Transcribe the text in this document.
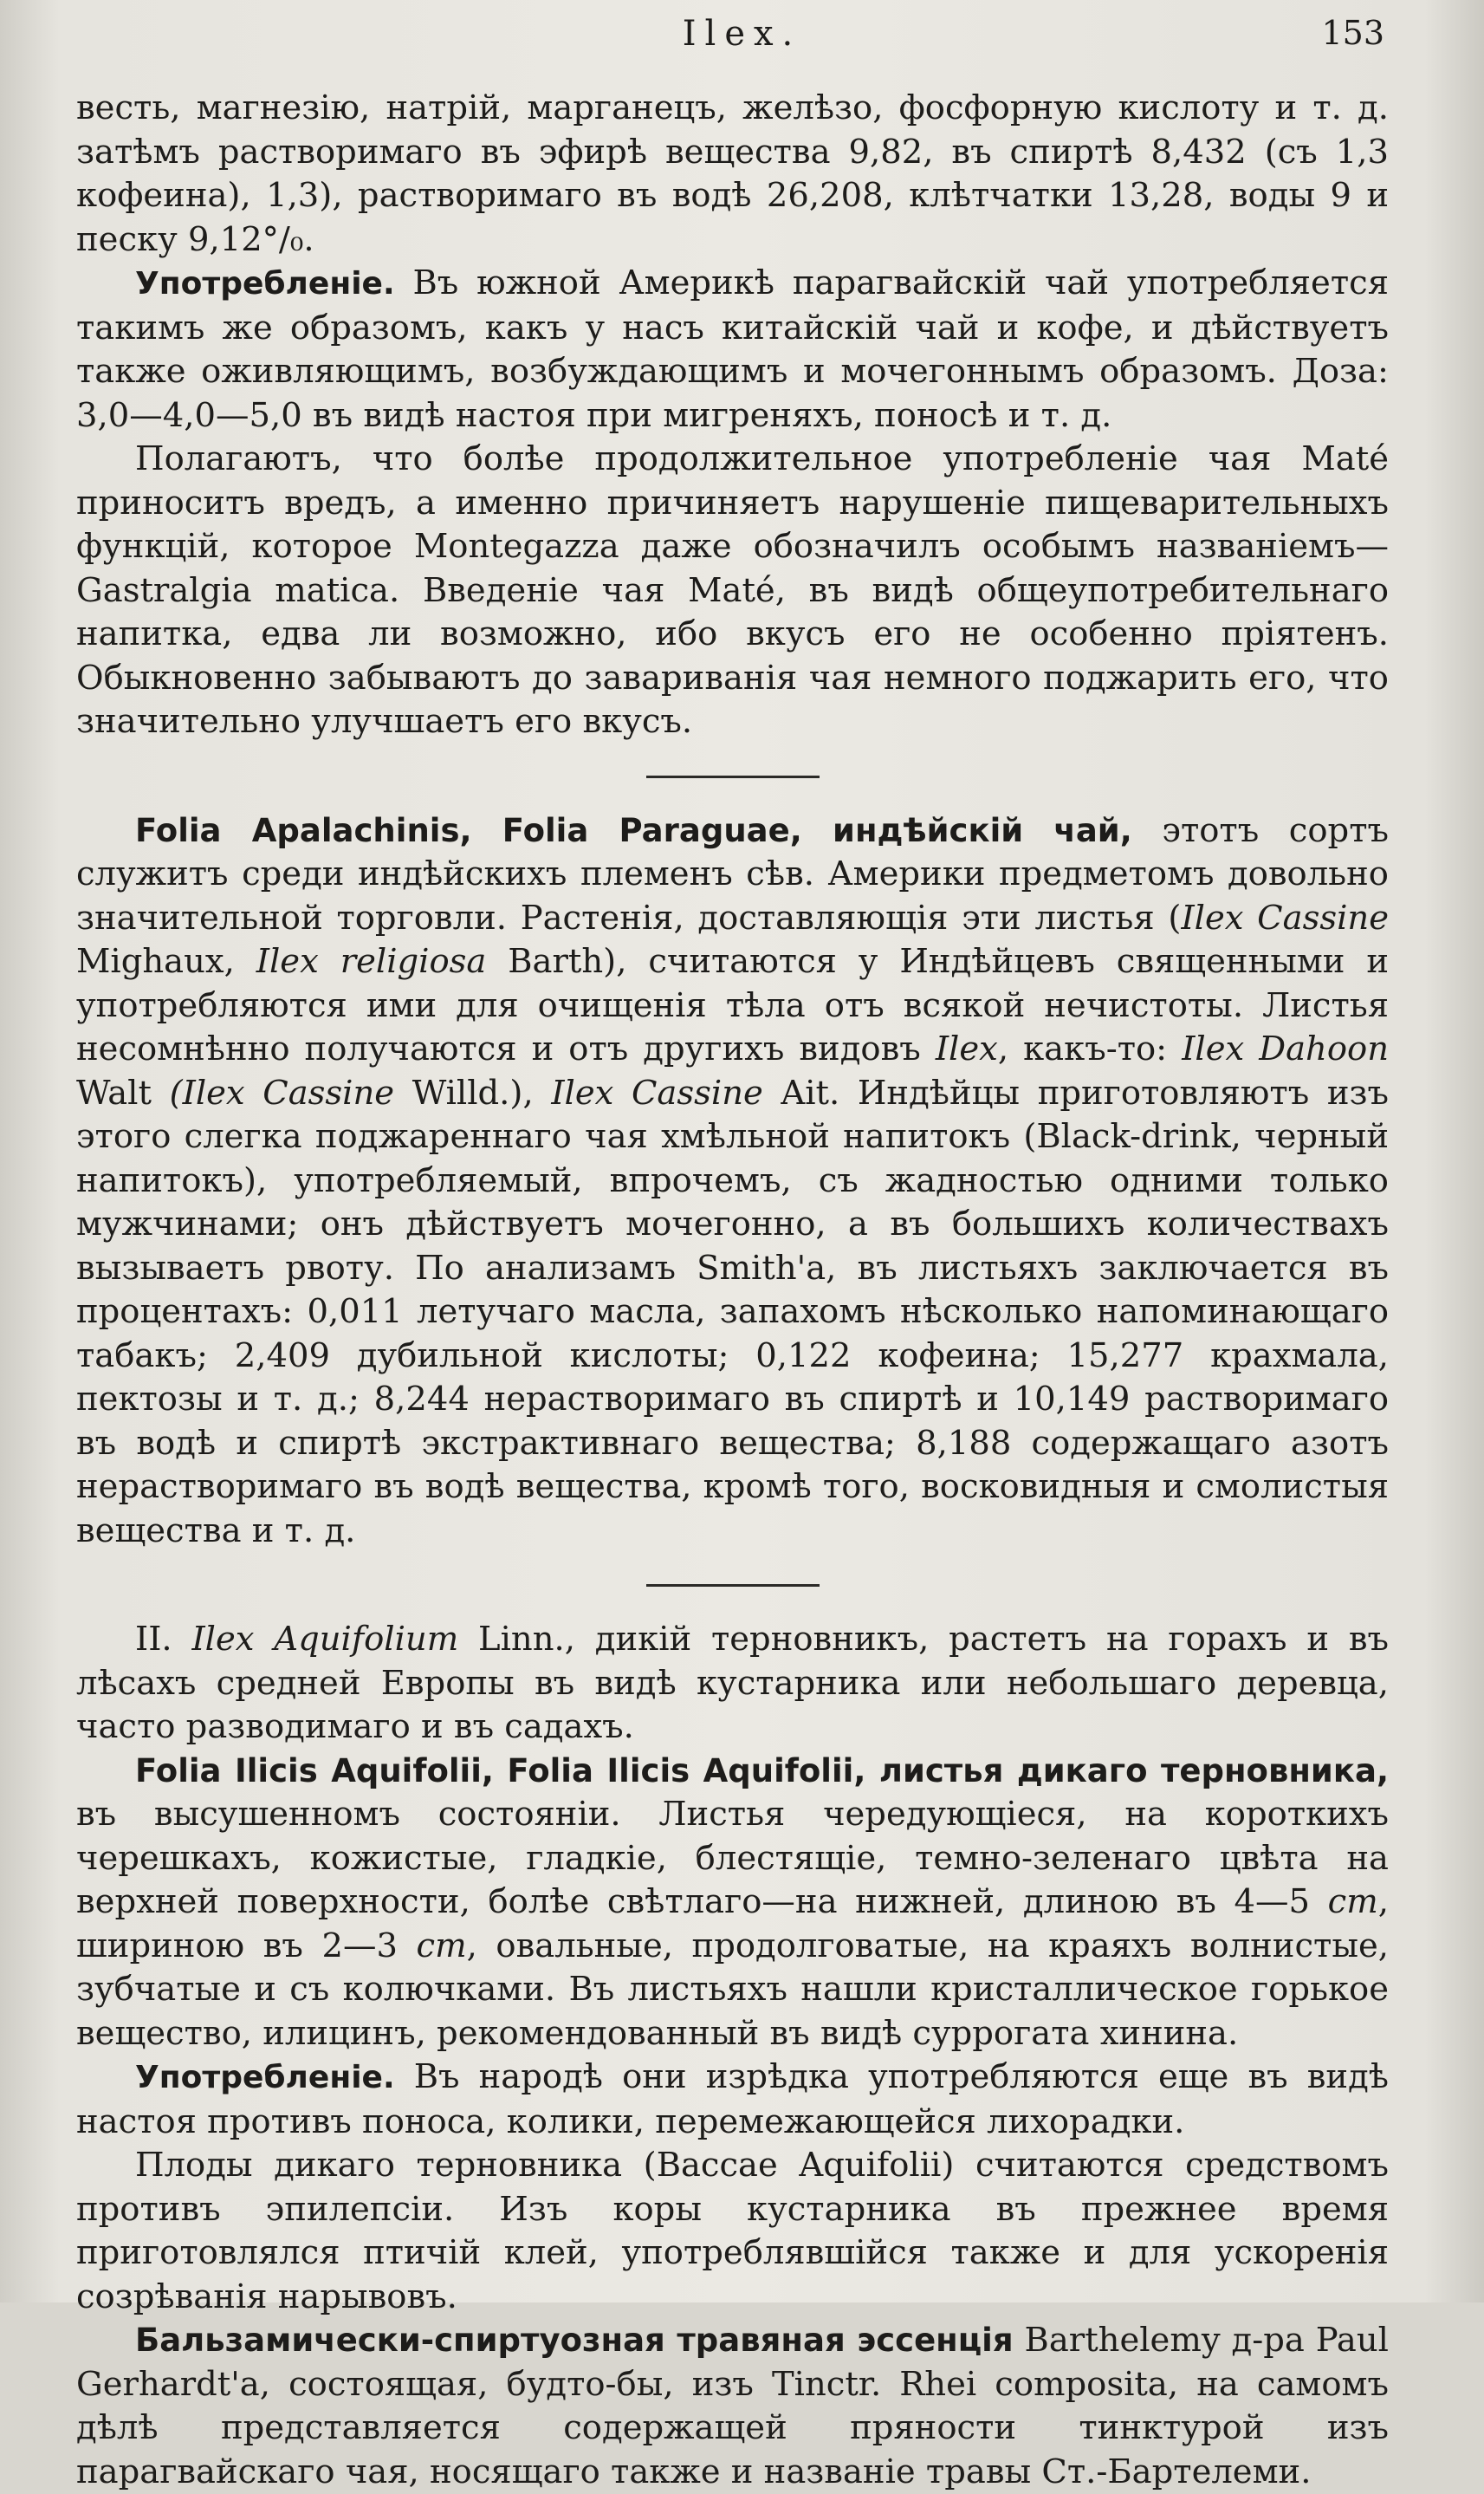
Ilex.	153

весть, магнезію, натрій, марганецъ, желѣзо, фосфорную кислоту и т. д. затѣмъ растворимаго въ эфирѣ вещества 9,82, въ спиртѣ 8,432 (съ 1,3 кофеина), 1,3), растворимаго въ водѣ 26,208, клѣтчатки 13,28, воды 9 и песку 9,12°/₀.

Употребленіе. Въ южной Америкѣ парагвайскій чай употребляется такимъ же образомъ, какъ у насъ китайскій чай и кофе, и дѣйствуетъ также оживляющимъ, возбуждающимъ и мочегоннымъ образомъ. Доза: 3,0—4,0—5,0 въ видѣ настоя при мигреняхъ, поносѣ и т. д.

Полагаютъ, что болѣе продолжительное употребленіе чая Maté приноситъ вредъ, а именно причиняетъ нарушеніе пищеварительныхъ функцій, которое Montegazza даже обозначилъ особымъ названіемъ—Gastralgia matica. Введеніе чая Maté, въ видѣ общеупотребительнаго напитка, едва ли возможно, ибо вкусъ его не особенно пріятенъ. Обыкновенно забываютъ до завариванія чая немного поджарить его, что значительно улучшаетъ его вкусъ.

Folia Apalachinis, Folia Paraguae, индѣйскій чай, этотъ сортъ служитъ среди индѣйскихъ племенъ сѣв. Америки предметомъ довольно значительной торговли. Растенія, доставляющія эти листья (Ilex Cassine Mighaux, Ilex religiosa Barth), считаются у Индѣйцевъ священными и употребляются ими для очищенія тѣла отъ всякой нечистоты. Листья несомнѣнно получаются и отъ другихъ видовъ Ilex, какъ-то: Ilex Dahoon Walt (Ilex Cassine Willd.), Ilex Cassine Ait. Индѣйцы приготовляютъ изъ этого слегка поджареннаго чая хмѣльной напитокъ (Black-drink, черный напитокъ), употребляемый, впрочемъ, съ жадностью одними только мужчинами; онъ дѣйствуетъ мочегонно, а въ большихъ количествахъ вызываетъ рвоту. По анализамъ Smith'а, въ листьяхъ заключается въ процентахъ: 0,011 летучаго масла, запахомъ нѣсколько напоминающаго табакъ; 2,409 дубильной кислоты; 0,122 кофеина; 15,277 крахмала, пектозы и т. д.; 8,244 нерастворимаго въ спиртѣ и 10,149 растворимаго въ водѣ и спиртѣ экстрактивнаго вещества; 8,188 содержащаго азотъ нерастворимаго въ водѣ вещества, кромѣ того, восковидныя и смолистыя вещества и т. д.

II. Ilex Aquifolium Linn., дикій терновникъ, растетъ на горахъ и въ лѣсахъ средней Европы въ видѣ кустарника или небольшаго деревца, часто разводимаго и въ садахъ.

Folia Ilicis Aquifolii, Folia Ilicis Aquifolii, листья дикаго терновника, въ высушенномъ состояніи. Листья чередующіеся, на короткихъ черешкахъ, кожистые, гладкіе, блестящіе, темно-зеленаго цвѣта на верхней поверхности, болѣе свѣтлаго—на нижней, длиною въ 4—5 cm, шириною въ 2—3 cm, овальные, продолговатые, на краяхъ волнистые, зубчатые и съ колючками. Въ листьяхъ нашли кристаллическое горькое вещество, илицинъ, рекомендованный въ видѣ суррогата хинина.

Употребленіе. Въ народѣ они изрѣдка употребляются еще въ видѣ настоя противъ поноса, колики, перемежающейся лихорадки.

Плоды дикаго терновника (Baccae Aquifolii) считаются средствомъ противъ эпилепсіи. Изъ коры кустарника въ прежнее время приготовлялся птичій клей, употреблявшійся также и для ускоренія созрѣванія нарывовъ.

Бальзамически-спиртуозная травяная эссенція Barthelemy д-ра Paul Gerhardt'а, состоящая, будто-бы, изъ Tinctr. Rhei composita, на самомъ дѣлѣ представляется содержащей пряности тинктурой изъ парагвайскаго чая, носящаго также и названіе травы Ст.-Бартелеми.
